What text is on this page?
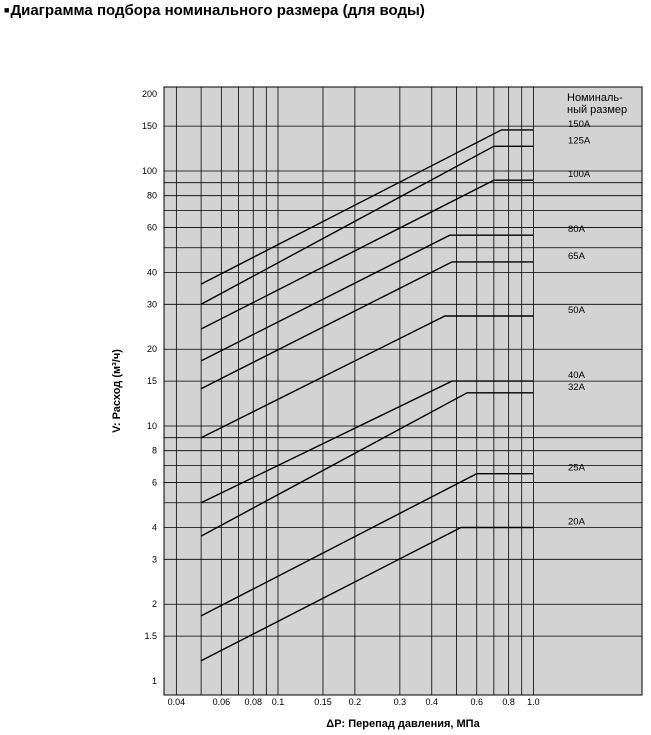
■Диаграмма подбора номинального размера (для воды)
0.04	0.06 0.08 0.1	0.15 0.2	0.3 0.4	0.6 0.8 1.0
1
1.5
2
3
4
6
8
10
15
20
30
40
60
80
100
150
200
150A
125A
100A
80A
65A
50A
40A
32A
25A
20A
Номиналь-ный размер
ΔP: Перепад давления, МПа
V: Расход (м³/ч)
